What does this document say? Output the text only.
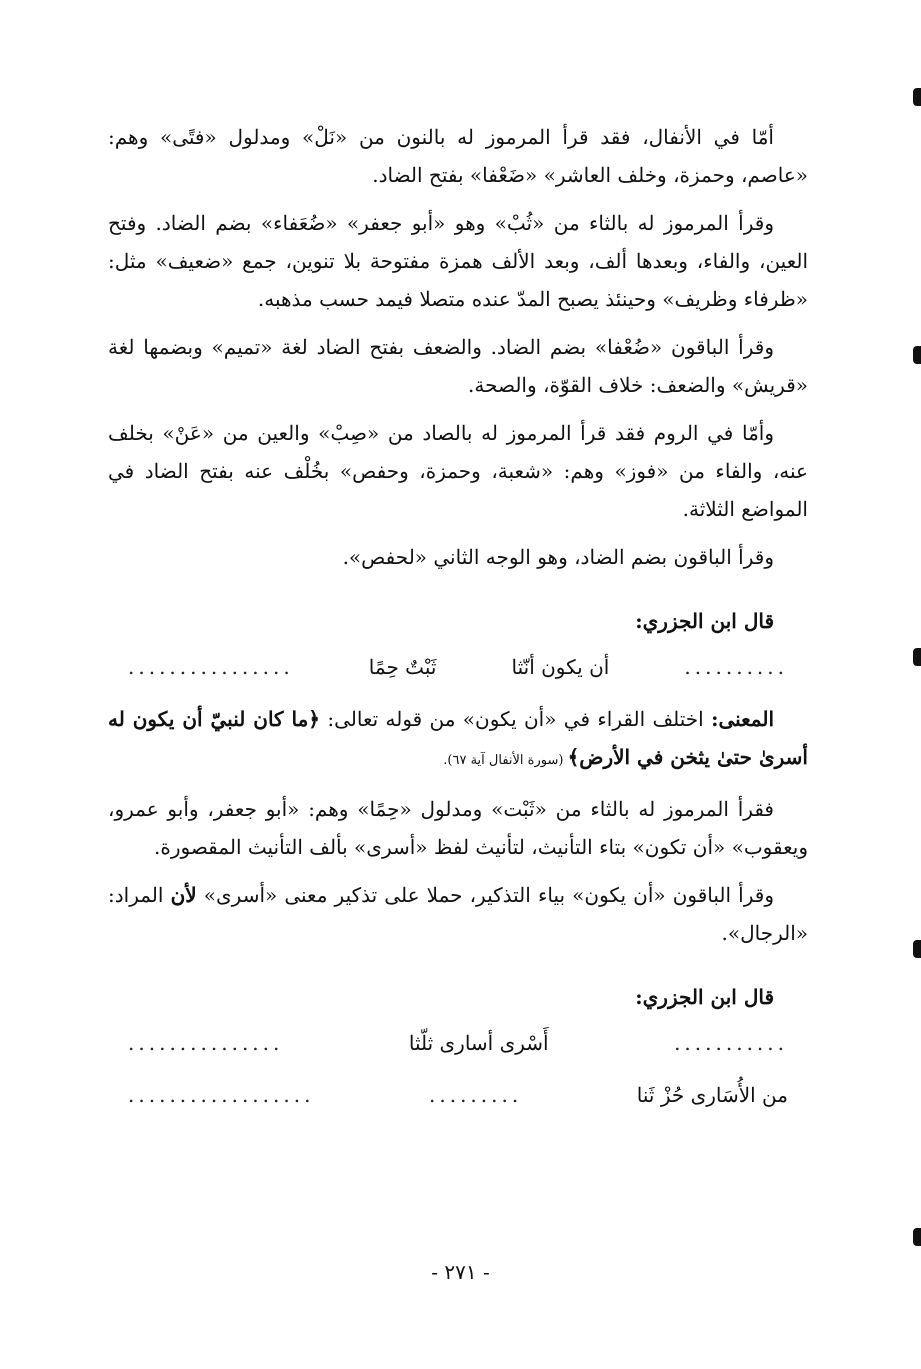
أمّا في الأنفال، فقد قرأ المرموز له بالنون من «نَلْ» ومدلول «فتًى» وهم: «عاصم، وحمزة، وخلف العاشر» «ضَعْفا» بفتح الضاد.

وقرأ المرموز له بالثاء من «ثُبْ» وهو «أبو جعفر» «ضُعَفاء» بضم الضاد. وفتح العين، والفاء، وبعدها ألف، وبعد الألف همزة مفتوحة بلا تنوين، جمع «ضعيف» مثل: «ظرفاء وظريف» وحينئذ يصبح المدّ عنده متصلا فيمد حسب مذهبه.

وقرأ الباقون «ضُعْفا» بضم الضاد. والضعف بفتح الضاد لغة «تميم» وبضمها لغة «قريش» والضعف: خلاف القوّة، والصحة.

وأمّا في الروم فقد قرأ المرموز له بالصاد من «صِبْ» والعين من «عَنْ» بخلف عنه، والفاء من «فوز» وهم: «شعبة، وحمزة، وحفص» بخُلْف عنه بفتح الضاد في المواضع الثلاثة.

وقرأ الباقون بضم الضاد، وهو الوجه الثاني «لحفص».

قال ابن الجزري:

..........
أن يكون أنّثا
ثَبْتٌ حِمًا
................

المعنى: اختلف القراء في «أن يكون» من قوله تعالى: ﴿ما كان لنبيّ أن يكون له أسرىٰ حتىٰ يثخن في الأرض﴾ (سورة الأنفال آية ٦٧).

فقرأ المرموز له بالثاء من «ثَبْت» ومدلول «حِمًا» وهم: «أبو جعفر، وأبو عمرو، ويعقوب» «أن تكون» بتاء التأنيث، لتأنيث لفظ «أسرى» بألف التأنيث المقصورة.

وقرأ الباقون «أن يكون» بياء التذكير، حملا على تذكير معنى «أسرى» لأن المراد: «الرجال».

قال ابن الجزري:

...........
أَسْرى أسارى ثلّثا
...............
من الأُسَارى حُزْ ثَنا
.........
..................
- ٢٧١ -
